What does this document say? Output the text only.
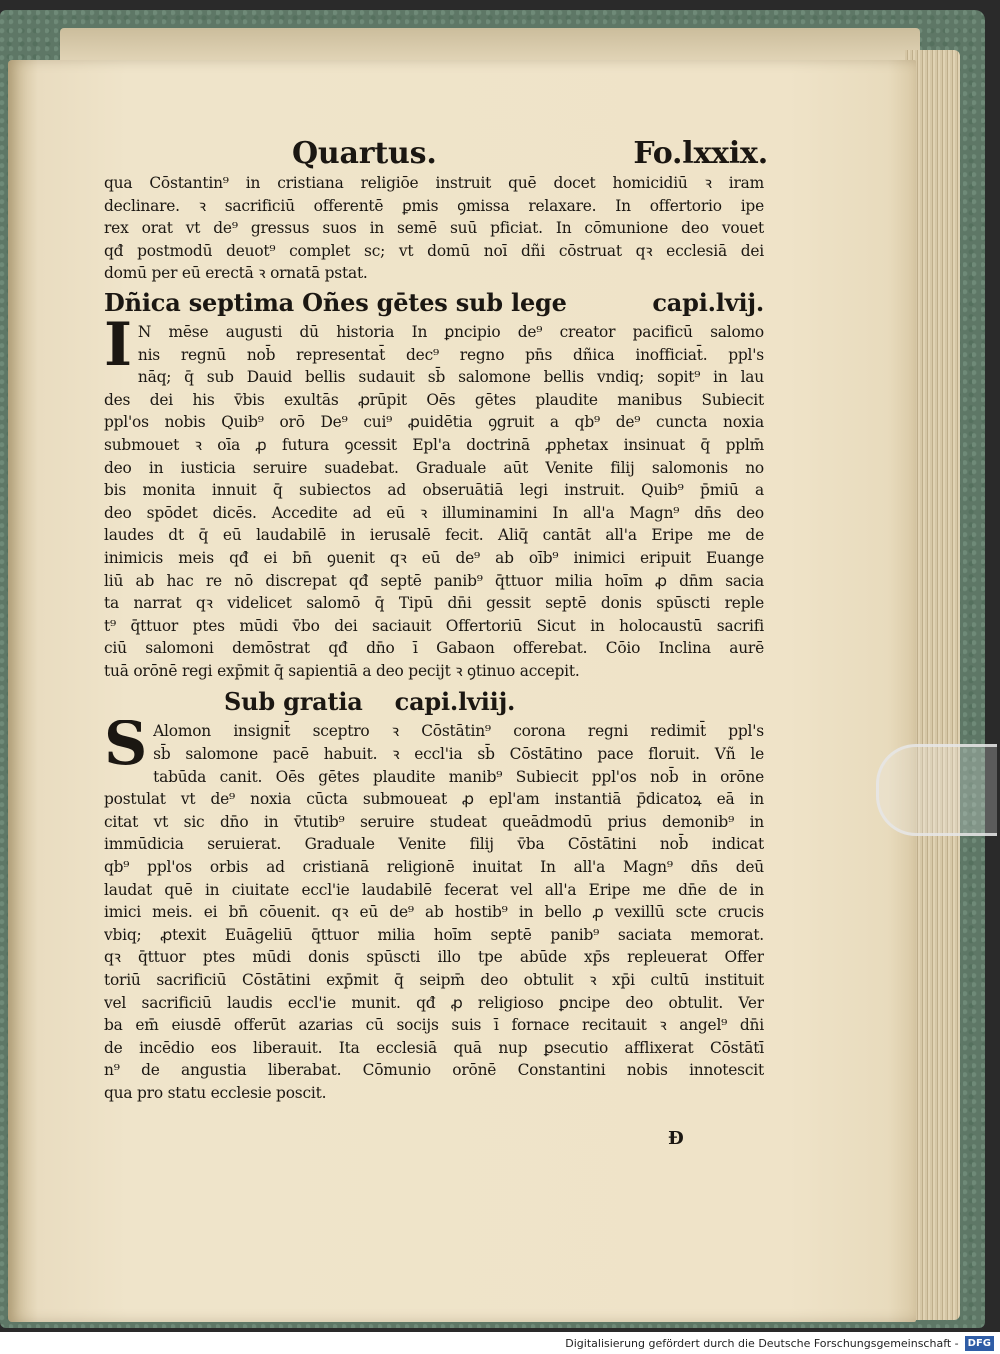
Quartus.	Fo.lxxix.
qua Cōstantin⁹ in cristiana religiōe instruit quē docet homicidiū ꝛ iram
declinare. ꝛ sacrificiū offerentē ꝑmis ꝯmissa relaxare. In offertorio ipe
rex orat vt de⁹ gressus suos in semē suū pficiat. In cōmunione deo vouet
qđ postmodū deuot⁹ complet sc; vt domū noī dñi cōstruat qꝛ ecclesiā dei
domū per eū erectā ꝛ ornatā pstat.
Dñica septima Oñes gētes sub lege	capi.lvij.
I N mēse augusti dū historia In ꝑncipio de⁹ creator pacificū salomo
nis regnū nob̄ representat̄ dec⁹ regno pn̄s dñica inofficiat̄. ppl's
nāq; q̄ sub Dauid bellis sudauit sb̄ salomone bellis vndiq; sopit⁹ in lau
des dei his v̄bis exultās ꝓrūpit Oēs gētes plaudite manibus Subiecit
ppl'os nobis Quib⁹ orō De⁹ cui⁹ ꝓuidētia ꝯgruit a qb⁹ de⁹ cuncta noxia
submouet ꝛ oīa ꝓ futura ꝯcessit Epl'a doctrinā ꝓphetax insinuat q̄ pplm̄
deo in iusticia seruire suadebat. Graduale aūt Venite filij salomonis no
bis monita innuit q̄ subiectos ad obseruātiā legi instruit. Quib⁹ p̄miū a
deo spōdet dicēs. Accedite ad eū ꝛ illuminamini In all'a Magn⁹ dn̄s deo
laudes dt q̄ eū laudabilē in ierusalē fecit. Aliq̄ cantāt all'a Eripe me de
inimicis meis qđ ei bn̄ ꝯuenit qꝛ eū de⁹ ab oīb⁹ inimici eripuit Euange
liū ab hac re nō discrepat qđ septē panib⁹ q̄ttuor milia hoīm ꝓ dn̄m sacia
ta narrat qꝛ videlicet salomō q̄ Tipū dn̄i gessit septē donis spūscti reple
t⁹ q̄ttuor ptes mūdi v̄bo dei saciauit Offertoriū Sicut in holocaustū sacrifi
ciū salomoni demōstrat qđ dn̄o ī Gabaon offerebat. Cōio Inclina aurē
tuā orōnē regi exp̄mit q̄ sapientiā a deo pecijt ꝛ ꝯtinuo accepit.
Sub gratia capi.lviij.
S Alomon insignit̄ sceptro ꝛ Cōstātin⁹ corona regni redimit̄ ppl's
sb̄ salomone pacē habuit. ꝛ eccl'ia sb̄ Cōstātino pace floruit. Vñ le
tabūda canit. Oēs gētes plaudite manib⁹ Subiecit ppl'os nob̄ in orōne
postulat vt de⁹ noxia cūcta submoueat ꝓ epl'am instantiā p̄dicatoꝝ eā in
citat vt sic dn̄o in v̄tutib⁹ seruire studeat queādmodū prius demonib⁹ in
immūdicia seruierat. Graduale Venite filij v̄ba Cōstātini nob̄ indicat
qb⁹ ppl'os orbis ad cristianā religionē inuitat In all'a Magn⁹ dn̄s deū
laudat quē in ciuitate eccl'ie laudabilē fecerat vel all'a Eripe me dn̄e de in
imici meis. ei bn̄ cōuenit. qꝛ eū de⁹ ab hostib⁹ in bello ꝓ vexillū scte crucis
vbiq; ꝓtexit Euāgeliū q̄ttuor milia hoīm septē panib⁹ saciata memorat.
qꝛ q̄ttuor ptes mūdi donis spūscti illo tpe abūde xp̄s repleuerat Offer
toriū sacrificiū Cōstātini exp̄mit q̄ seipm̄ deo obtulit ꝛ xp̄i cultū instituit
vel sacrificiū laudis eccl'ie munit. qđ ꝓ religioso ꝑncipe deo obtulit. Ver
ba em̄ eiusdē offerūt azarias cū socijs suis ī fornace recitauit ꝛ angel⁹ dn̄i
de incēdio eos liberauit. Ita ecclesiā quā nup ꝑsecutio afflixerat Cōstātī
n⁹ de angustia liberabat. Cōmunio orōnē Constantini nobis innotescit
qua pro statu ecclesie poscit.
Ð
Digitalisierung gefördert durch die Deutsche Forschungsgemeinschaft - DFG
